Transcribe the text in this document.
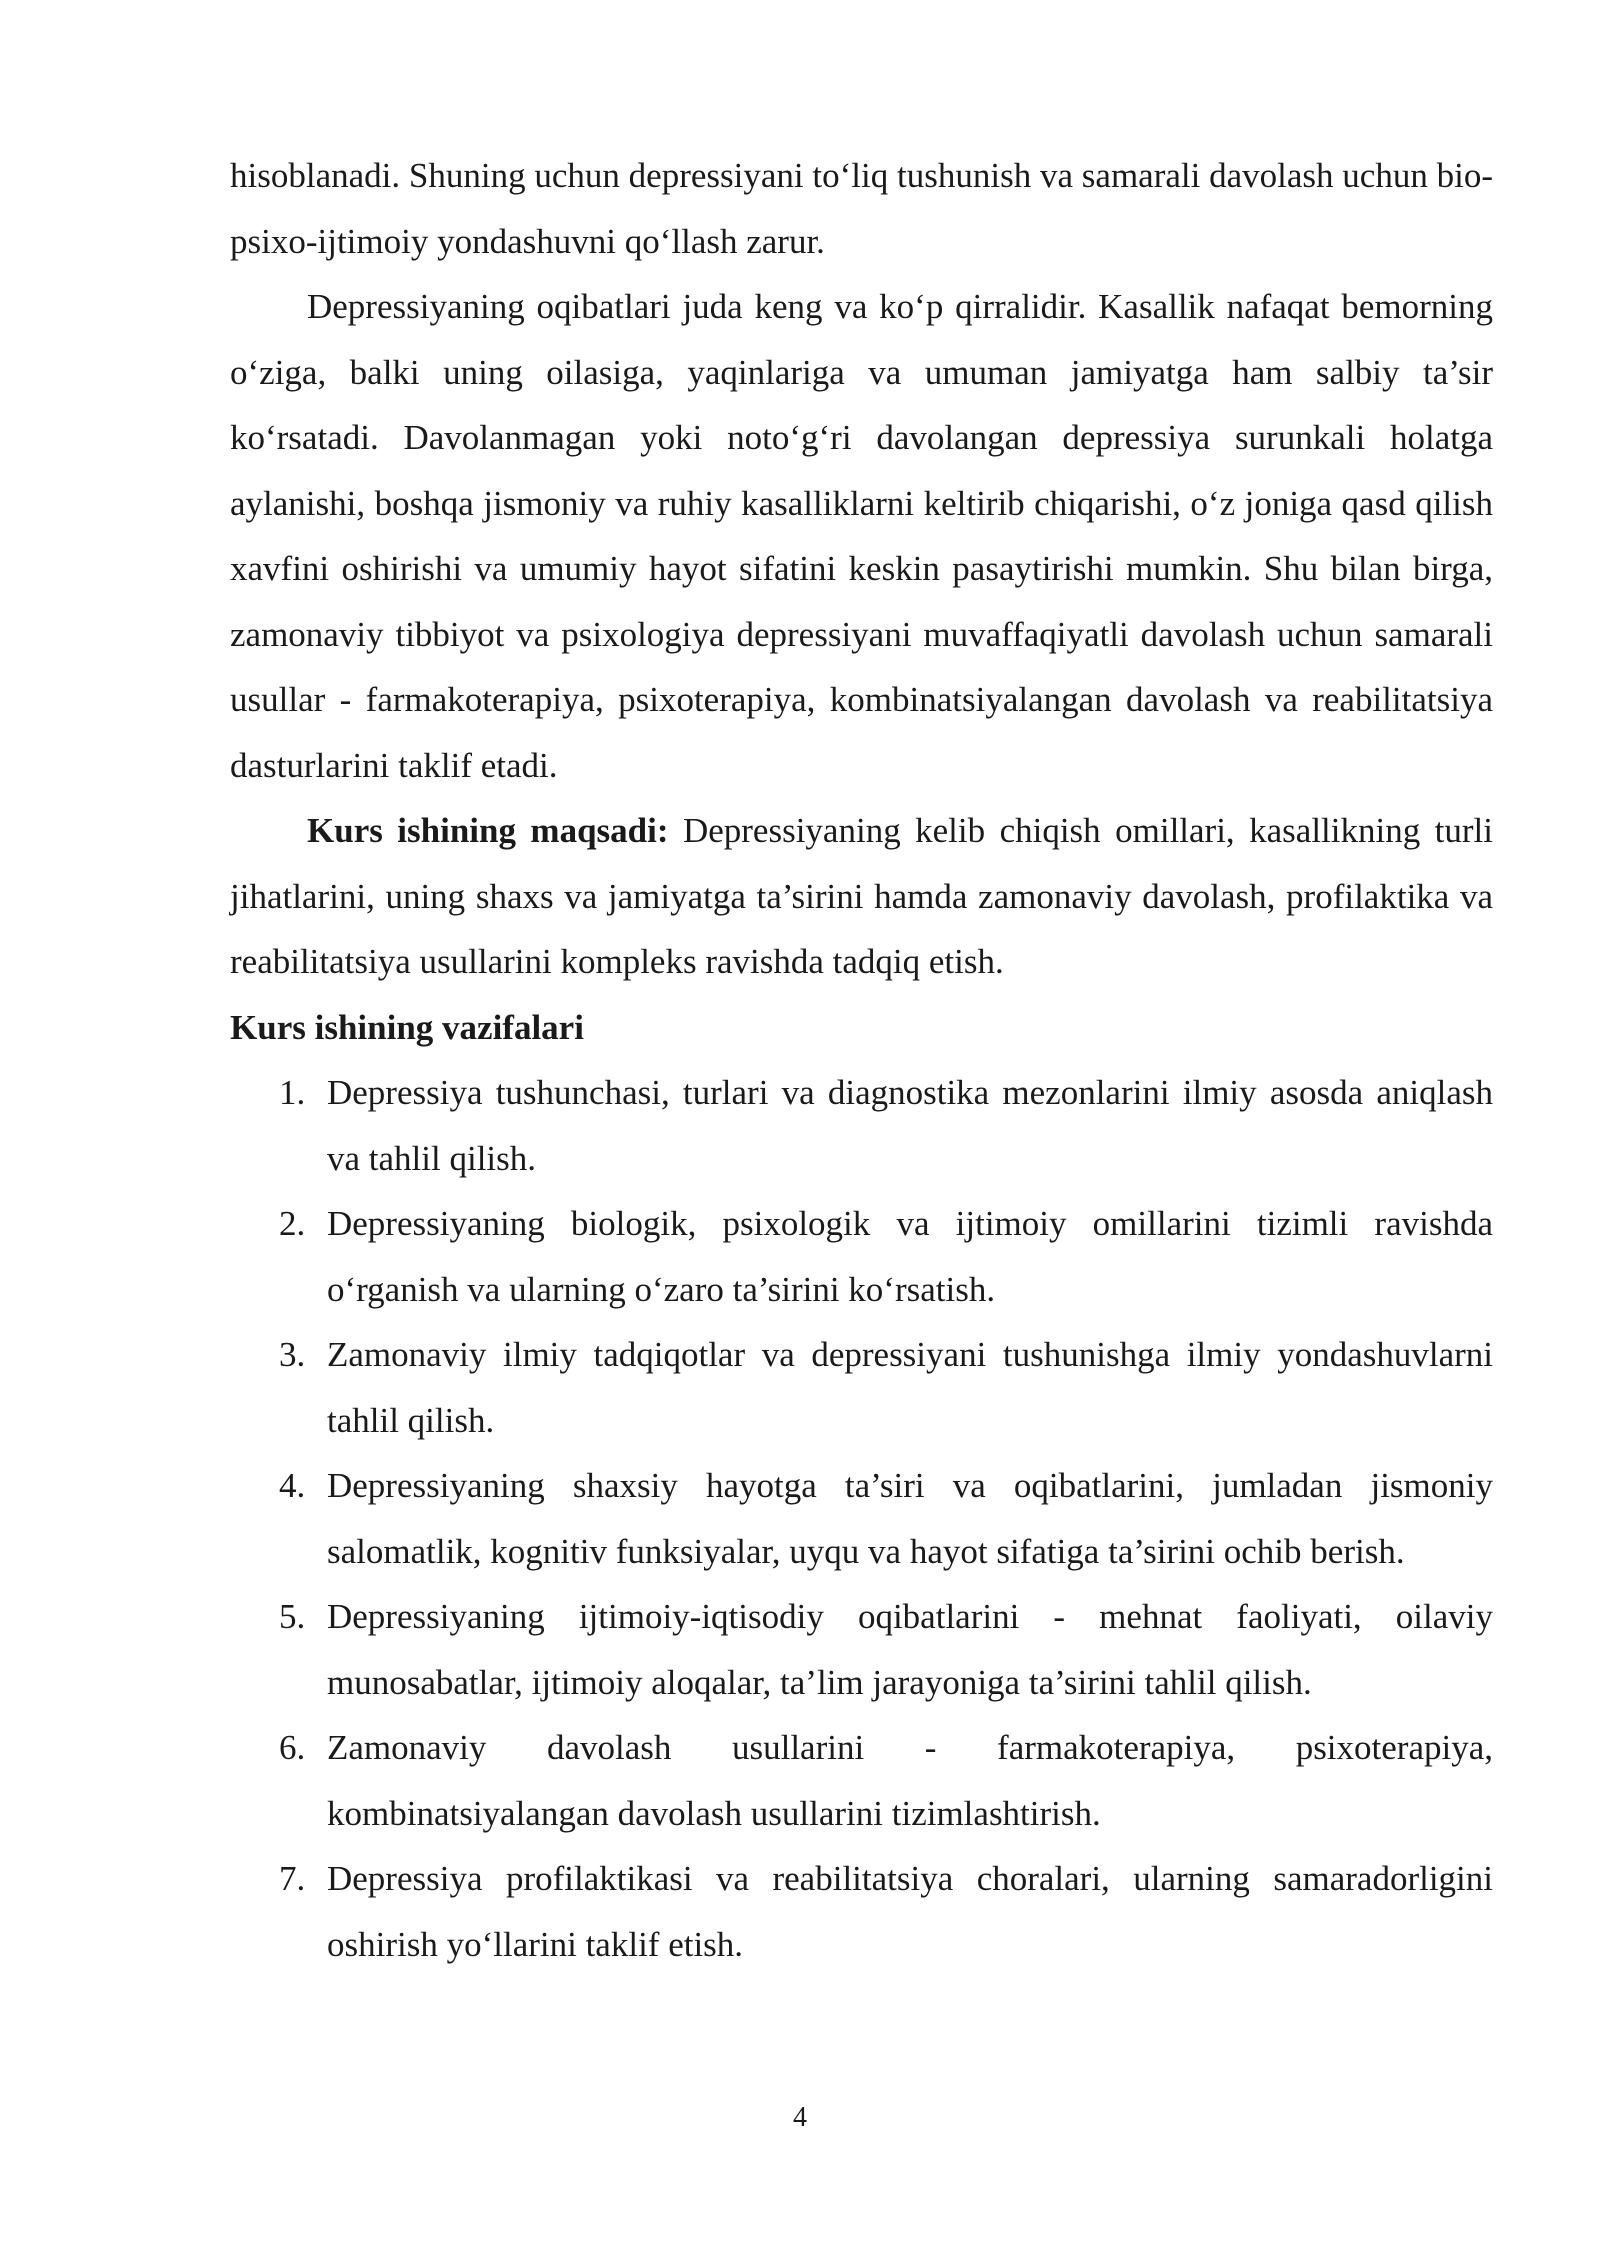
hisoblanadi. Shuning uchun depressiyani to‘liq tushunish va samarali davolash uchun bio-psixo-ijtimoiy yondashuvni qo‘llash zarur.

Depressiyaning oqibatlari juda keng va ko‘p qirralidir. Kasallik nafaqat bemorning o‘ziga, balki uning oilasiga, yaqinlariga va umuman jamiyatga ham salbiy ta’sir ko‘rsatadi. Davolanmagan yoki noto‘g‘ri davolangan depressiya surunkali holatga aylanishi, boshqa jismoniy va ruhiy kasalliklarni keltirib chiqarishi, o‘z joniga qasd qilish xavfini oshirishi va umumiy hayot sifatini keskin pasaytirishi mumkin. Shu bilan birga, zamonaviy tibbiyot va psixologiya depressiyani muvaffaqiyatli davolash uchun samarali usullar - farmakoterapiya, psixoterapiya, kombinatsiyalangan davolash va reabilitatsiya dasturlarini taklif etadi.

Kurs ishining maqsadi: Depressiyaning kelib chiqish omillari, kasallikning turli jihatlarini, uning shaxs va jamiyatga ta’sirini hamda zamonaviy davolash, profilaktika va reabilitatsiya usullarini kompleks ravishda tadqiq etish.

Kurs ishining vazifalari

1. Depressiya tushunchasi, turlari va diagnostika mezonlarini ilmiy asosda aniqlash va tahlil qilish.
2. Depressiyaning biologik, psixologik va ijtimoiy omillarini tizimli ravishda o‘rganish va ularning o‘zaro ta’sirini ko‘rsatish.
3. Zamonaviy ilmiy tadqiqotlar va depressiyani tushunishga ilmiy yondashuvlarni tahlil qilish.
4. Depressiyaning shaxsiy hayotga ta’siri va oqibatlarini, jumladan jismoniy salomatlik, kognitiv funksiyalar, uyqu va hayot sifatiga ta’sirini ochib berish.
5. Depressiyaning ijtimoiy-iqtisodiy oqibatlarini - mehnat faoliyati, oilaviy munosabatlar, ijtimoiy aloqalar, ta’lim jarayoniga ta’sirini tahlil qilish.
6. Zamonaviy davolash usullarini - farmakoterapiya, psixoterapiya, kombinatsiyalangan davolash usullarini tizimlashtirish.
7. Depressiya profilaktikasi va reabilitatsiya choralari, ularning samaradorligini oshirish yo‘llarini taklif etish.
4
